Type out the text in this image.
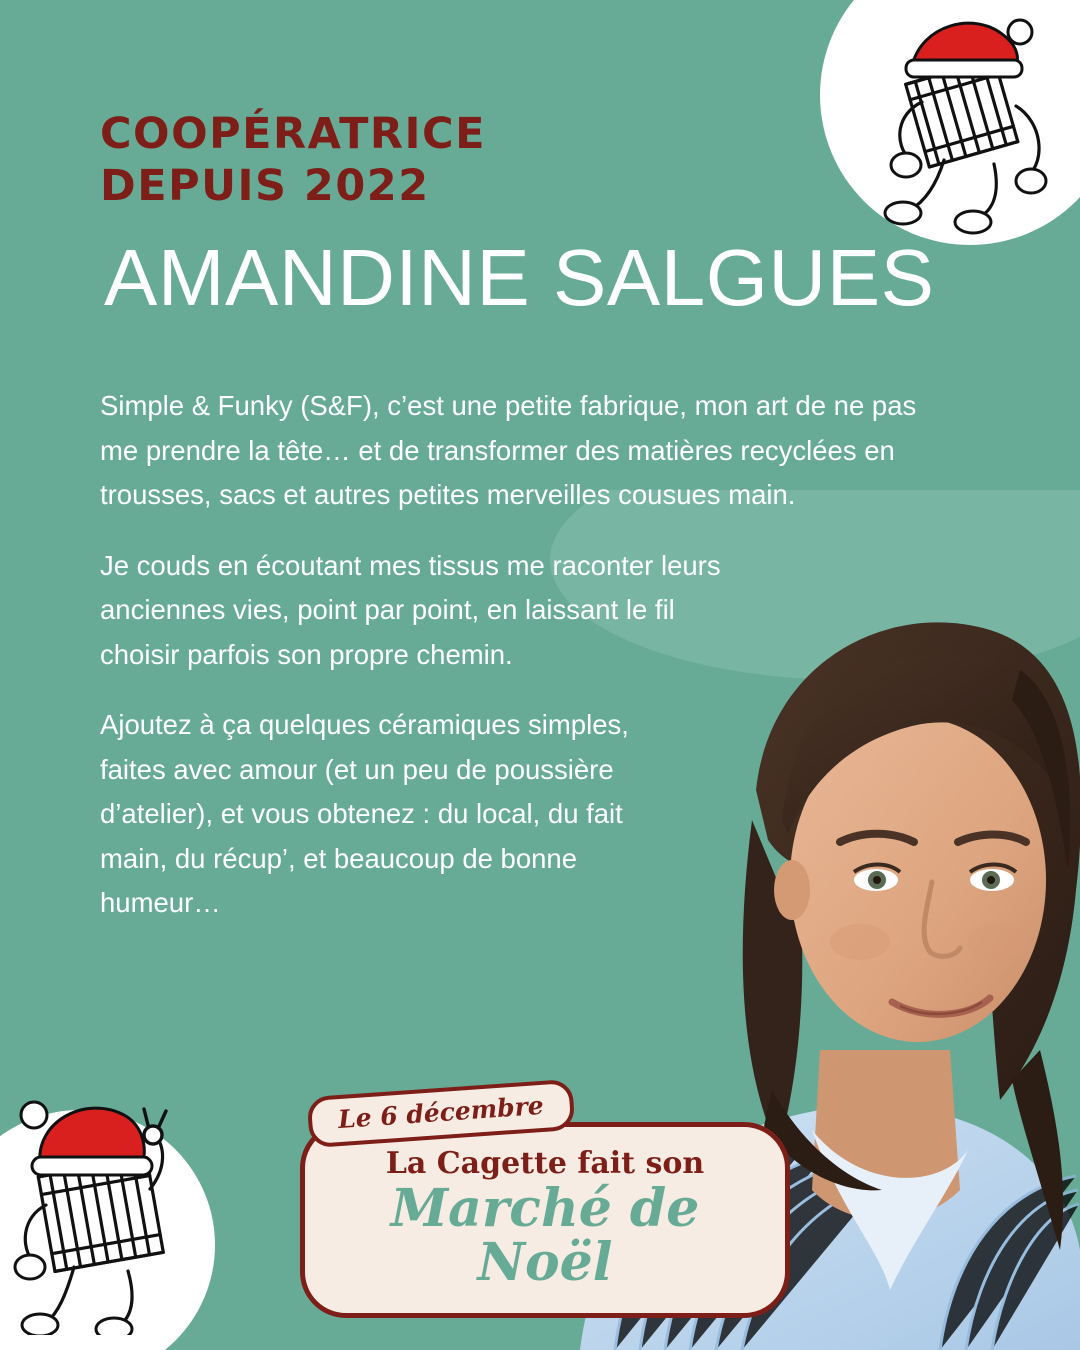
COOPÉRATRICE
DEPUIS 2022
AMANDINE SALGUES

Simple & Funky (S&F), c’est une petite fabrique, mon art de ne pas me prendre la tête… et de transformer des matières recyclées en trousses, sacs et autres petites merveilles cousues main.

Je couds en écoutant mes tissus me raconter leurs anciennes vies, point par point, en laissant le fil choisir parfois son propre chemin.

Ajoutez à ça quelques céramiques simples, faites avec amour (et un peu de poussière d’atelier), et vous obtenez : du local, du fait main, du récup’, et beaucoup de bonne humeur…

Le 6 décembre
La Cagette fait son
Marché de Noël
